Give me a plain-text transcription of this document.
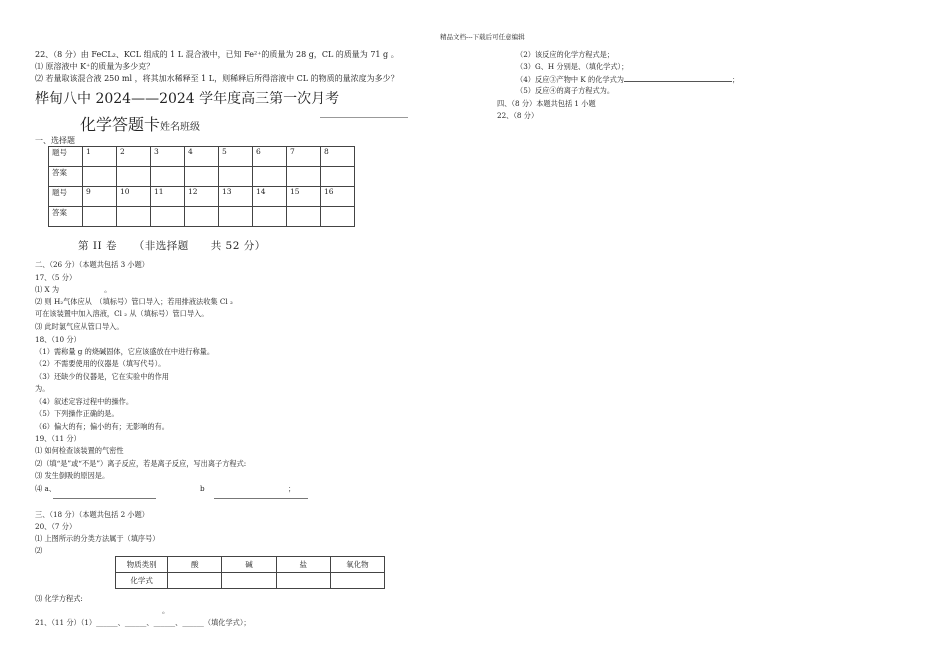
精品文档---下载后可任意编辑
22、（8 分）由 FeCL₂、KCL 组成的 1 L 混合液中，已知 Fe²⁺的质量为 28 g，CL 的质量为 71 g 。
⑴ 原溶液中 K⁺的质量为多少克？
⑵ 若量取该混合液 250 ml ，将其加水稀释至 1 L，则稀释后所得溶液中 CL 的物质的量浓度为多少？
桦甸八中 2024——2024 学年度高三第一次月考
化学答题卡姓名班级
一、选择题
题号	1	2	3	4	5	6	7	8
答案								
题号	9	10	11	12	13	14	15	16
答案								
第 II 卷　　（非选择题　　共 52 分）
二、（26 分）（本题共包括 3 小题）
17、（5 分）
⑴ X 为	。
⑵ 则 H₂气体应从　（填标号）管口导入；若用排液法收集 Cl ₂
可在该装置中加入溶液，Cl ₂ 从（填标号）管口导入。
⑶ 此时氯气应从管口导入。
18、（10 分）
（1）需称量 g 的烧碱固体，它应该盛放在中进行称量。
（2）不需要使用的仪器是（填写代号）。
（3）还缺少的仪器是，它在实验中的作用
为。
（4）叙述定容过程中的操作。
（5）下列操作正确的是。
（6）偏大的有；偏小的有；无影响的有。
19、（11 分）
⑴ 如何检查该装置的气密性
⑵（填“是”或“不是”）离子反应，若是离子反应，写出离子方程式:
⑶ 发生倒吸的原因是。
⑷ a、	b	；
三、（18 分）（本题共包括 2 小题）
20、（7 分）
⑴ 上图所示的分类方法属于（填序号）
⑵
物质类别	酸	碱	盐	氧化物
化学式				
⑶ 化学方程式:
。
21、（11 分）（1）______、______、______、______（填化学式）；
（2）该反应的化学方程式是；
（3）G、H 分别是、（填化学式）；
（4）反应③产物中 K 的化学式为	；
（5）反应④的离子方程式为。
四、（8 分）本题共包括 1 小题
22、（8 分）
